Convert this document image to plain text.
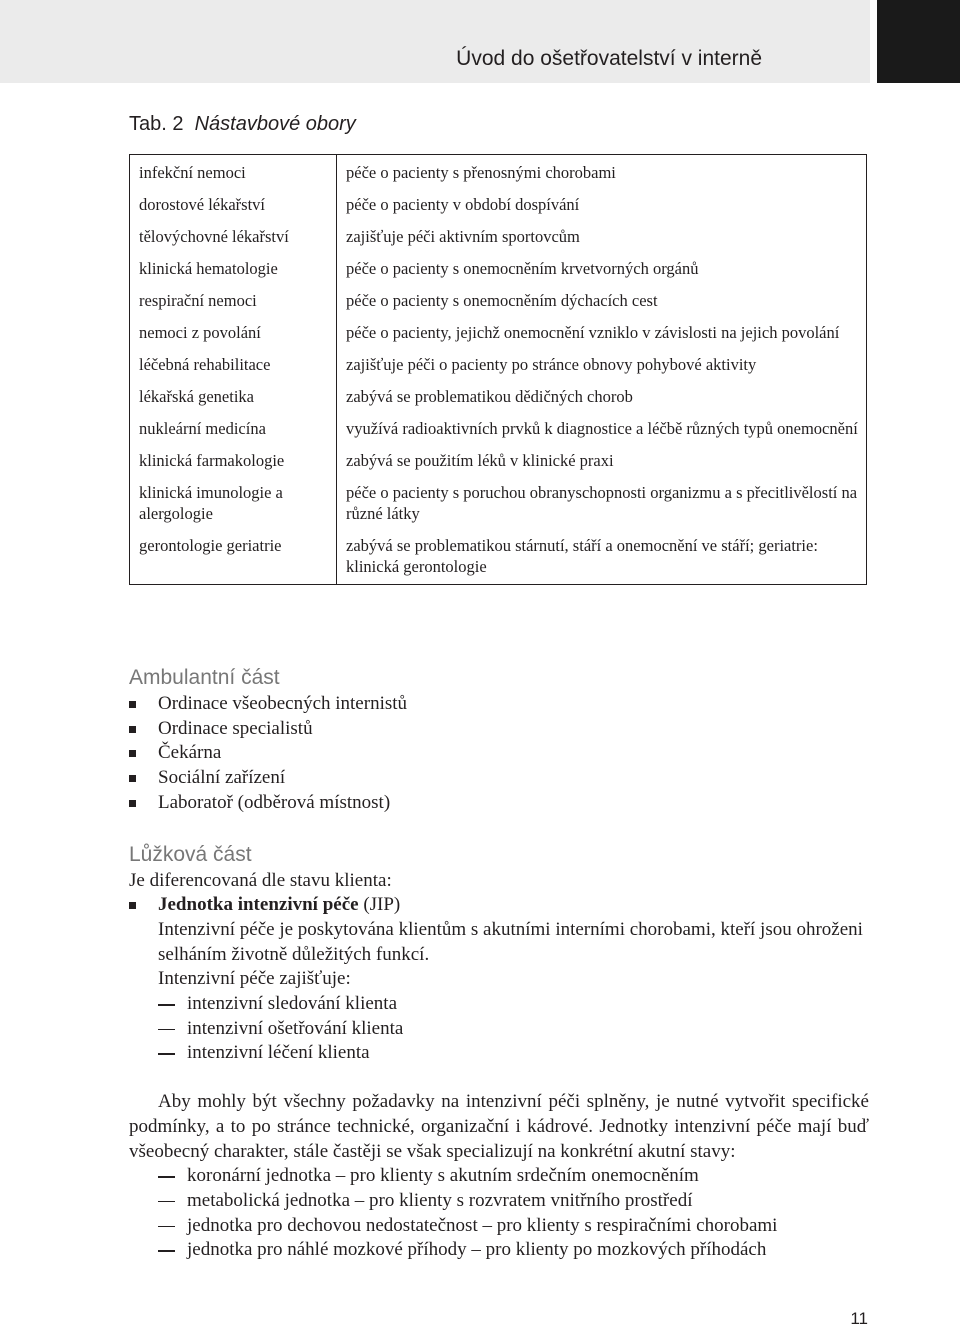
Úvod do ošetřovatelství v interně
Tab. 2 Nástavbové obory
infekční nemoci	péče o pacienty s přenosnými chorobami
dorostové lékařství	péče o pacienty v období dospívání
tělovýchovné lékařství	zajišťuje péči aktivním sportovcům
klinická hematologie	péče o pacienty s onemocněním krvetvorných orgánů
respirační nemoci	péče o pacienty s onemocněním dýchacích cest
nemoci z povolání	péče o pacienty, jejichž onemocnění vzniklo v závislosti na jejich povolání
léčebná rehabilitace	zajišťuje péči o pacienty po stránce obnovy pohybové aktivity
lékařská genetika	zabývá se problematikou dědičných chorob
nukleární medicína	využívá radioaktivních prvků k diagnostice a léčbě různých typů onemocnění
klinická farmakologie	zabývá se použitím léků v klinické praxi
klinická imunologie a alergologie	péče o pacienty s poruchou obranyschopnosti organizmu a s přecitlivělostí na různé látky
gerontologie geriatrie	zabývá se problematikou stárnutí, stáří a onemocnění ve stáří; geriatrie: klinická gerontologie
Ambulantní část
Ordinace všeobecných internistů
Ordinace specialistů
Čekárna
Sociální zařízení
Laboratoř (odběrová místnost)
Lůžková část

Je diferencovaná dle stavu klienta:

Jednotka intenzivní péče (JIP)

Intenzivní péče je poskytována klientům s akutními interními chorobami, kteří jsou ohroženi selháním životně důležitých funkcí.

Intenzivní péče zajišťuje:

intenzivní sledování klienta
intenzivní ošetřování klienta
intenzivní léčení klienta

Aby mohly být všechny požadavky na intenzivní péči splněny, je nutné vytvořit specifické podmínky, a to po stránce technické, organizační i kádrové. Jednotky intenzivní péče mají buď všeobecný charakter, stále častěji se však specializují na konkrétní akutní stavy:

koronární jednotka – pro klienty s akutním srdečním onemocněním
metabolická jednotka – pro klienty s rozvratem vnitřního prostředí
jednotka pro dechovou nedostatečnost – pro klienty s respiračními chorobami
jednotka pro náhlé mozkové příhody – pro klienty po mozkových příhodách
11
